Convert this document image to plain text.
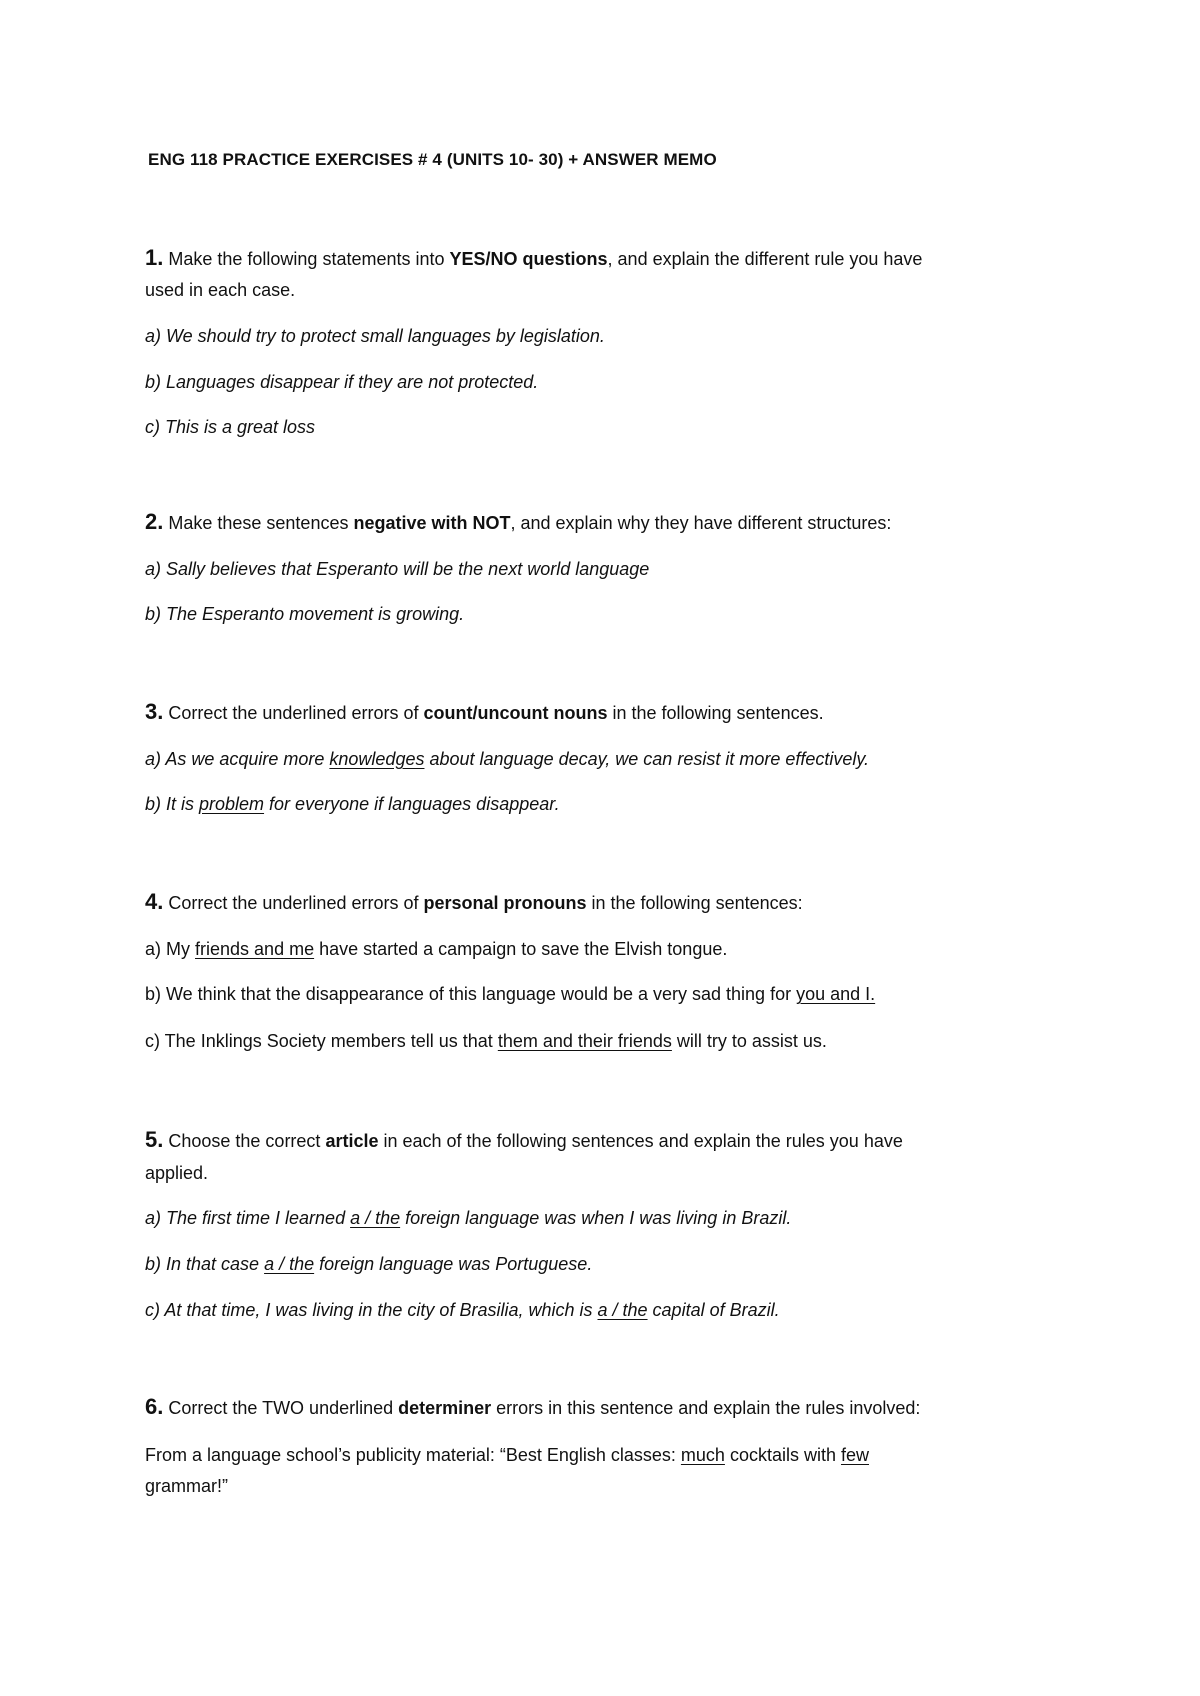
ENG 118 PRACTICE EXERCISES # 4 (UNITS 10- 30) + ANSWER MEMO
1. Make the following statements into YES/NO questions, and explain the different rule you have
used in each case.
a) We should try to protect small languages by legislation.
b) Languages disappear if they are not protected.
c) This is a great loss
2. Make these sentences negative with NOT, and explain why they have different structures:
a) Sally believes that Esperanto will be the next world language
b) The Esperanto movement is growing.
3. Correct the underlined errors of count/uncount nouns in the following sentences.
a) As we acquire more knowledges about language decay, we can resist it more effectively.
b) It is problem for everyone if languages disappear.
4. Correct the underlined errors of personal pronouns in the following sentences:
a) My friends and me have started a campaign to save the Elvish tongue.
b) We think that the disappearance of this language would be a very sad thing for you and I.
c) The Inklings Society members tell us that them and their friends will try to assist us.
5. Choose the correct article in each of the following sentences and explain the rules you have
applied.
a) The first time I learned a / the foreign language was when I was living in Brazil.
b) In that case a / the foreign language was Portuguese.
c) At that time, I was living in the city of Brasilia, which is a / the capital of Brazil.
6. Correct the TWO underlined determiner errors in this sentence and explain the rules involved:
From a language school’s publicity material: “Best English classes: much cocktails with few
grammar!”
